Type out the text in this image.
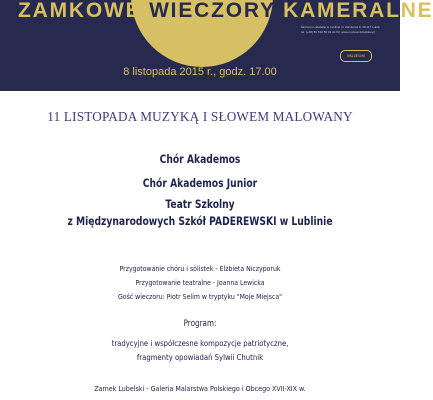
ZAMKOWE WIECZORY KAMERALNE
Muzeum Lubelskie w Lublinie ul. Zamkowa 9, 20-117 Lublin
tel. (+48) 81 532 50 01 do 03, www.muzeumlubelskie.pl
MUZEUM
8 listopada 2015 r., godz. 17.00
11 LISTOPADA MUZYKĄ I SŁOWEM MALOWANY
Chór Akademos
Chór Akademos Junior
Teatr Szkolny
z Międzynarodowych Szkół PADEREWSKI w Lublinie
Przygotowanie chóru i solistek - Elżbieta Niczyporuk
Przygotowanie teatralne - Joanna Lewicka
Gość wieczoru: Piotr Selim w tryptyku "Moje Miejsca"
Program:
tradycyjne i współczesne kompozycje patriotyczne,
fragmenty opowiadań Sylwii Chutnik
Zamek Lubelski - Galeria Malarstwa Polskiego i Obcego XVII-XIX w.
